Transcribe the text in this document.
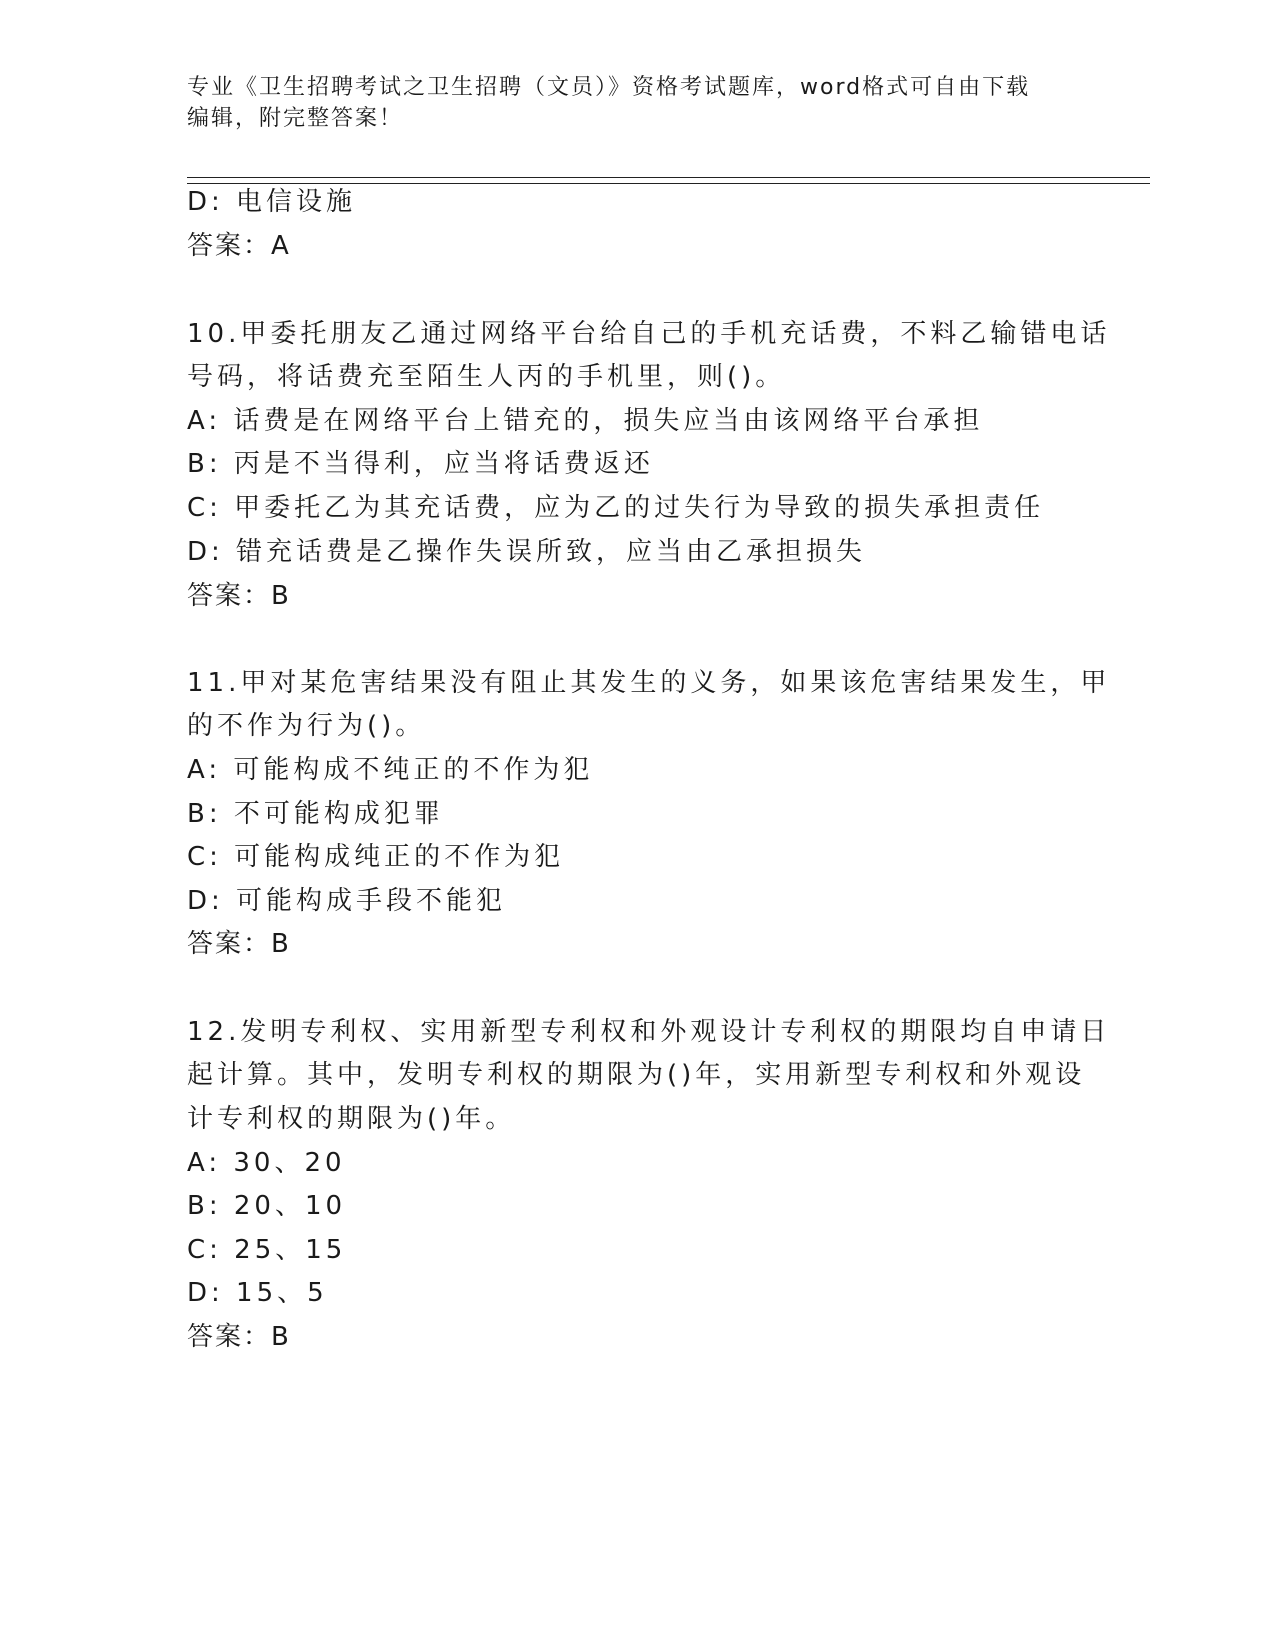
专业《卫生招聘考试之卫生招聘（文员）》资格考试题库，word格式可自由下载
编辑，附完整答案！
D: 电信设施
答案：A
10.甲委托朋友乙通过网络平台给自己的手机充话费，不料乙输错电话
号码，将话费充至陌生人丙的手机里，则()。
A: 话费是在网络平台上错充的，损失应当由该网络平台承担
B: 丙是不当得利，应当将话费返还
C: 甲委托乙为其充话费，应为乙的过失行为导致的损失承担责任
D: 错充话费是乙操作失误所致，应当由乙承担损失
答案：B
11.甲对某危害结果没有阻止其发生的义务，如果该危害结果发生，甲
的不作为行为()。
A: 可能构成不纯正的不作为犯
B: 不可能构成犯罪
C: 可能构成纯正的不作为犯
D: 可能构成手段不能犯
答案：B
12.发明专利权、实用新型专利权和外观设计专利权的期限均自申请日
起计算。其中，发明专利权的期限为()年，实用新型专利权和外观设
计专利权的期限为()年。
A: 30、20
B: 20、10
C: 25、15
D: 15、5
答案：B
